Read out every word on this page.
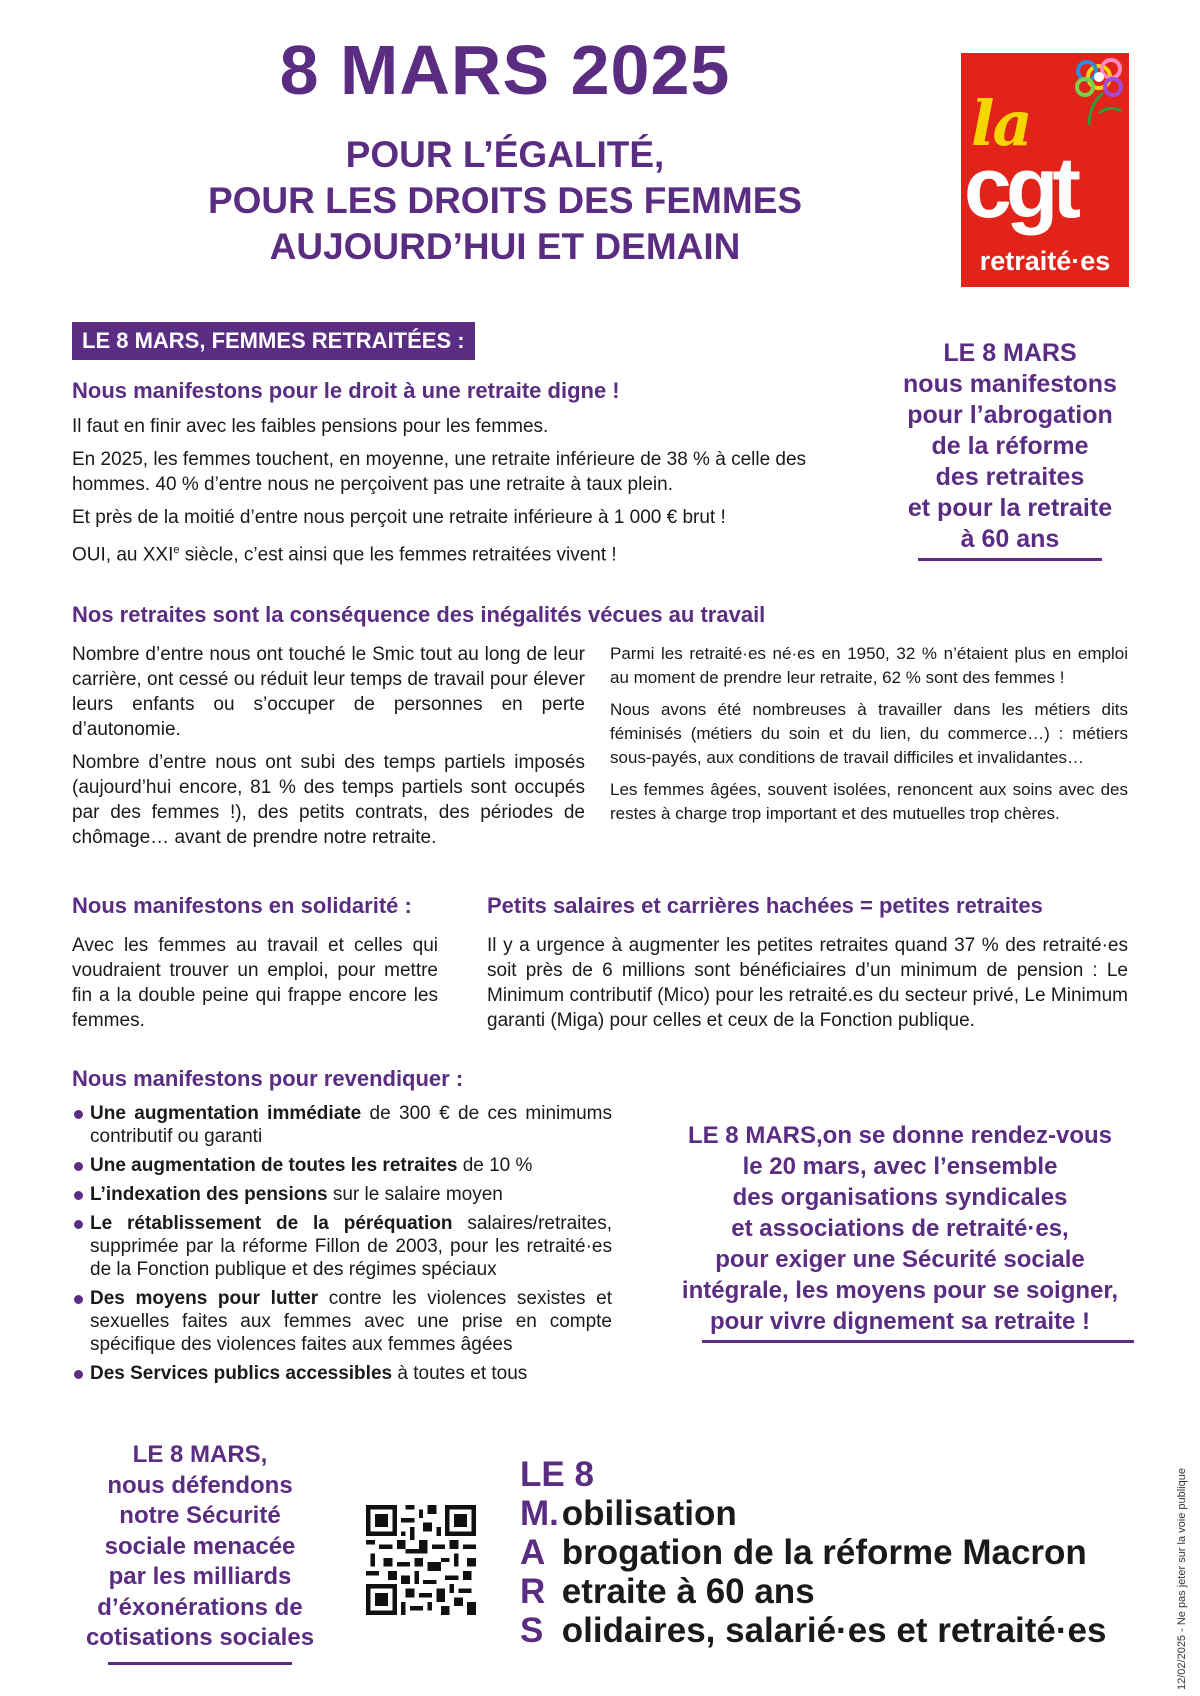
8 MARS 2025
POUR L’ÉGALITÉ,
POUR LES DROITS DES FEMMES
AUJOURD’HUI ET DEMAIN
la
cgt
retraité·es
LE 8 MARS, FEMMES RETRAITÉES :
Nous manifestons pour le droit à une retraite digne !

Il faut en finir avec les faibles pensions pour les femmes.

En 2025, les femmes touchent, en moyenne, une retraite inférieure de 38 % à celle des hommes. 40 % d’entre nous ne perçoivent pas une retraite à taux plein.

Et près de la moitié d’entre nous perçoit une retraite inférieure à 1 000 € brut !

OUI, au XXIe siècle, c’est ainsi que les femmes retraitées vivent !

LE 8 MARS
nous manifestons
pour l’abrogation
de la réforme
des retraites
et pour la retraite
à 60 ans
Nos retraites sont la conséquence des inégalités vécues au travail

Nombre d’entre nous ont touché le Smic tout au long de leur carrière, ont cessé ou réduit leur temps de travail pour élever leurs enfants ou s’occuper de personnes en perte d’autonomie.

Nombre d’entre nous ont subi des temps partiels imposés (aujourd’hui encore, 81 % des temps partiels sont occupés par des femmes !), des petits contrats, des périodes de chômage… avant de prendre notre retraite.

Parmi les retraité·es né·es en 1950, 32 % n’étaient plus en emploi au moment de prendre leur retraite, 62 % sont des femmes !

Nous avons été nombreuses à travailler dans les métiers dits féminisés (métiers du soin et du lien, du commerce…) : métiers sous-payés, aux conditions de travail difficiles et invalidantes…

Les femmes âgées, souvent isolées, renoncent aux soins avec des restes à charge trop important et des mutuelles trop chères.

Nous manifestons en solidarité :
Avec les femmes au travail et celles qui voudraient trouver un emploi, pour mettre fin a la double peine qui frappe encore les femmes.
Petits salaires et carrières hachées = petites retraites
Il y a urgence à augmenter les petites retraites quand 37 % des retraité·es soit près de 6 millions sont bénéficiaires d’un minimum de pension : Le Minimum contributif (Mico) pour les retraité.es du secteur privé, Le Minimum garanti (Miga) pour celles et ceux de la Fonction publique.
Nous manifestons pour revendiquer :
Une augmentation immédiate de 300 € de ces minimums contributif ou garanti
Une augmentation de toutes les retraites de 10 %
L’indexation des pensions sur le salaire moyen
Le rétablissement de la péréquation salaires/retraites, supprimée par la réforme Fillon de 2003, pour les retraité·es de la Fonction publique et des régimes spéciaux
Des moyens pour lutter contre les violences sexistes et sexuelles faites aux femmes avec une prise en compte spécifique des violences faites aux femmes âgées
Des Services publics accessibles à toutes et tous
LE 8 MARS,on se donne rendez-vous
le 20 mars, avec l’ensemble
des organisations syndicales
et associations de retraité·es,
pour exiger une Sécurité sociale
intégrale, les moyens pour se soigner,
pour vivre dignement sa retraite !
LE 8 MARS,
nous défendons
notre Sécurité
sociale menacée
par les milliards
d’éxonérations de
cotisations sociales
LE 8
M. obilisation
A brogation de la réforme Macron
R etraite à 60 ans
S olidaires, salarié·es et retraité·es	12/02/2025 - Ne pas jeter sur la voie publique
